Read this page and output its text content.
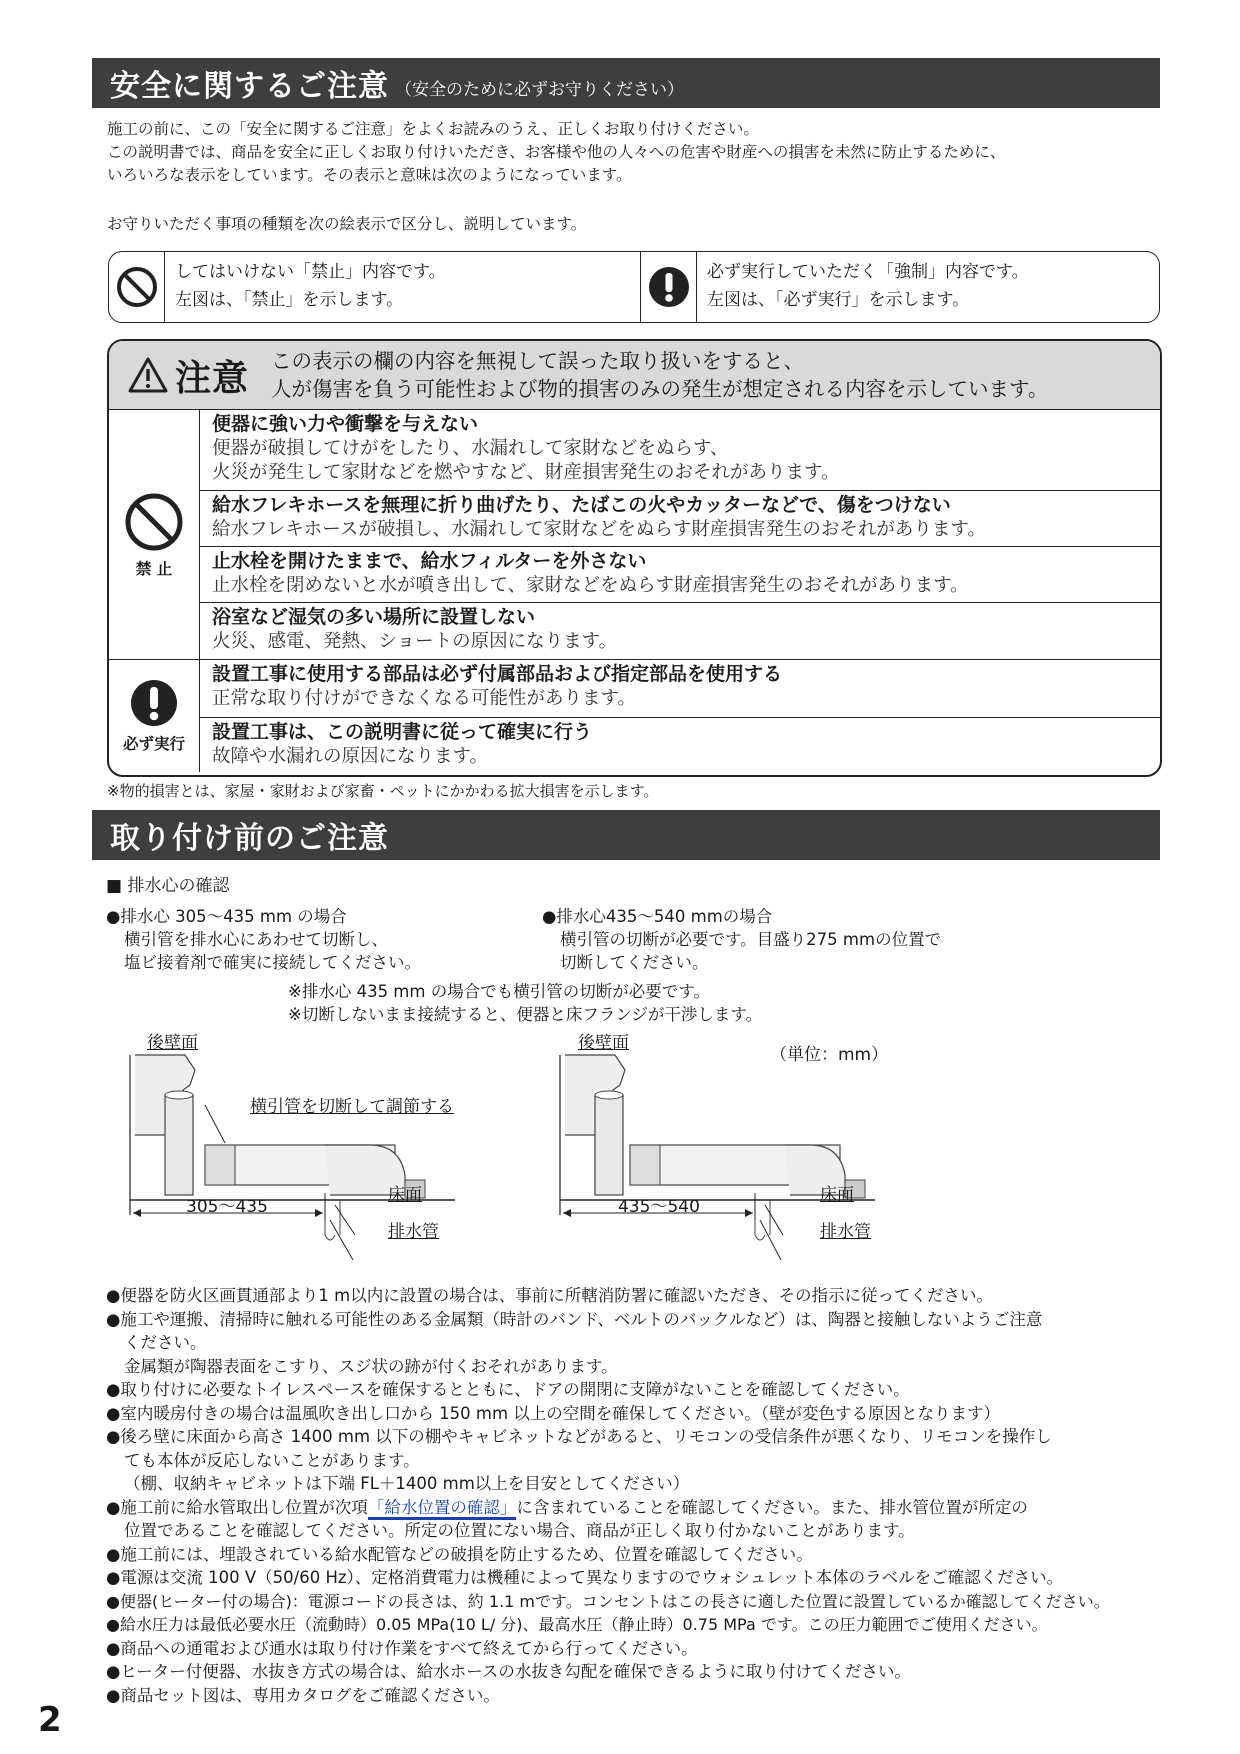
安全に関するご注意 （安全のために必ずお守りください）
施工の前に、この「安全に関するご注意」をよくお読みのうえ、正しくお取り付けください。
この説明書では、商品を安全に正しくお取り付けいただき、お客様や他の人々への危害や財産への損害を未然に防止するために、
いろいろな表示をしています。その表示と意味は次のようになっています。
お守りいただく事項の種類を次の絵表示で区分し、説明しています。
してはいけない「禁止」内容です。
左図は、「禁止」を示します。
必ず実行していただく「強制」内容です。
左図は、「必ず実行」を示します。
注意 この表示の欄の内容を無視して誤った取り扱いをすると、
人が傷害を負う可能性および物的損害のみの発生が想定される内容を示しています。
禁 止
便器に強い力や衝撃を与えない
便器が破損してけがをしたり、水漏れして家財などをぬらす、
火災が発生して家財などを燃やすなど、財産損害発生のおそれがあります。
給水フレキホースを無理に折り曲げたり、たばこの火やカッターなどで、傷をつけない
給水フレキホースが破損し、水漏れして家財などをぬらす財産損害発生のおそれがあります。
止水栓を開けたままで、給水フィルターを外さない
止水栓を閉めないと水が噴き出して、家財などをぬらす財産損害発生のおそれがあります。
浴室など湿気の多い場所に設置しない
火災、感電、発熱、ショートの原因になります。
必ず実行
設置工事に使用する部品は必ず付属部品および指定部品を使用する
正常な取り付けができなくなる可能性があります。
設置工事は、この説明書に従って確実に行う
故障や水漏れの原因になります。
※物的損害とは、家屋・家財および家畜・ペットにかかわる拡大損害を示します。
取り付け前のご注意
■ 排水心の確認
●排水心 305〜435 mm の場合
横引管を排水心にあわせて切断し、
塩ビ接着剤で確実に接続してください。
●排水心435〜540 mmの場合
横引管の切断が必要です。目盛り275 mmの位置で
切断してください。
※排水心 435 mm の場合でも横引管の切断が必要です。
※切断しないまま接続すると、便器と床フランジが干渉します。
後壁面
横引管を切断して調節する
305〜435
床面
排水管
後壁面
（単位：mm）
435〜540
床面
排水管
●便器を防火区画貫通部より1 m以内に設置の場合は、事前に所轄消防署に確認いただき、その指示に従ってください。
●施工や運搬、清掃時に触れる可能性のある金属類（時計のバンド、ベルトのバックルなど）は、陶器と接触しないようご注意
ください。
金属類が陶器表面をこすり、スジ状の跡が付くおそれがあります。
●取り付けに必要なトイレスペースを確保するとともに、ドアの開閉に支障がないことを確認してください。
●室内暖房付きの場合は温風吹き出し口から 150 mm 以上の空間を確保してください。（壁が変色する原因となります）
●後ろ壁に床面から高さ 1400 mm 以下の棚やキャビネットなどがあると、リモコンの受信条件が悪くなり、リモコンを操作し
ても本体が反応しないことがあります。
（棚、収納キャビネットは下端 FL＋1400 mm以上を目安としてください）
●施工前に給水管取出し位置が次項「給水位置の確認」に含まれていることを確認してください。また、排水管位置が所定の
位置であることを確認してください。所定の位置にない場合、商品が正しく取り付かないことがあります。
●施工前には、埋設されている給水配管などの破損を防止するため、位置を確認してください。
●電源は交流 100 V（50/60 Hz）、定格消費電力は機種によって異なりますのでウォシュレット本体のラベルをご確認ください。
●便器(ヒーター付の場合)：電源コードの長さは、約 1.1 mです。コンセントはこの長さに適した位置に設置しているか確認してください。
●給水圧力は最低必要水圧（流動時）0.05 MPa(10 L/ 分)、最高水圧（静止時）0.75 MPa です。この圧力範囲でご使用ください。
●商品への通電および通水は取り付け作業をすべて終えてから行ってください。
●ヒーター付便器、水抜き方式の場合は、給水ホースの水抜き勾配を確保できるように取り付けてください。
●商品セット図は、専用カタログをご確認ください。
2
